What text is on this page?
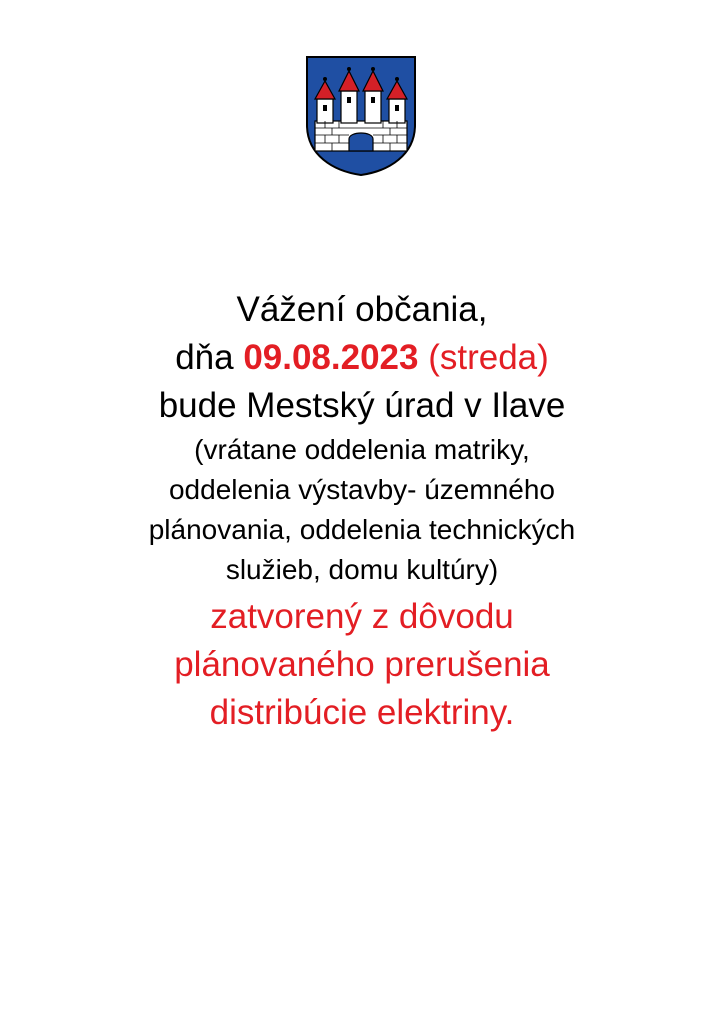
Vážení občania,
dňa 09.08.2023 (streda)
bude Mestský úrad v Ilave
(vrátane oddelenia matriky,
oddelenia výstavby- územného
plánovania, oddelenia technických
služieb, domu kultúry)
zatvorený z dôvodu
plánovaného prerušenia
distribúcie elektriny.
